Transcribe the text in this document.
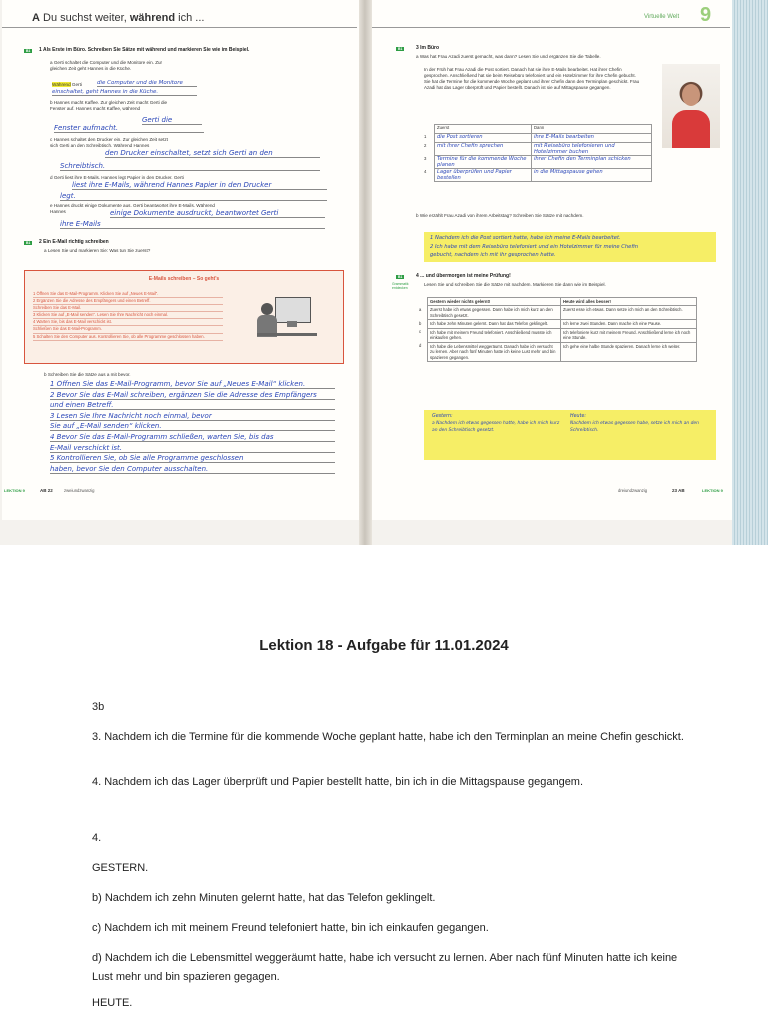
A Du suchst weiter, während ich ...
B1	1 Als Erste im Büro. Schreiben Sie Sätze mit während und markieren Sie wie im Beispiel.
a Gerti schaltet die Computer und die Monitore ein. Zur gleichen Zeit geht Hannes in die Küche.
Während Gerti	die Computer und die Monitore
einschaltet, geht Hannes in die Küche.
b Hannes macht Kaffee. Zur gleichen Zeit macht Gerti die Fenster auf. Hannes macht Kaffee, während
Gerti die
Fenster aufmacht.
c Hannes schaltet den Drucker ein. Zur gleichen Zeit setzt sich Gerti an den Schreibtisch. Während Hannes
den Drucker einschaltet, setzt sich Gerti an den
Schreibtisch.
d Gerti liest ihre E-Mails. Hannes legt Papier in den Drucker. Gerti
liest ihre E-Mails, während Hannes Papier in den Drucker
legt.
e Hannes druckt einige Dokumente aus. Gerti beantwortet ihre E-Mails. Während Hannes	einige Dokumente ausdruckt, beantwortet Gerti
ihre E-Mails
B1	2 Ein E-Mail richtig schreiben
a Lesen Sie und markieren Sie: Was tun Sie zuerst?
E-Mails schreiben – So geht's
1 Öffnen Sie das E-Mail-Programm. Klicken Sie auf „Neues E-Mail“.
2 Ergänzen Sie die Adresse des Empfängers und einen Betreff.
Schreiben Sie das E-Mail.
3 Klicken Sie auf „E-Mail senden“. Lesen Sie Ihre Nachricht noch einmal.
4 Warten Sie, bis das E-Mail verschickt ist.
Schließen Sie das E-Mail-Programm.
5 Schalten Sie den Computer aus. Kontrollieren Sie, ob alle Programme geschlossen haben.
b Schreiben Sie die Sätze aus a mit bevor.
1 Öffnen Sie das E-Mail-Programm, bevor Sie auf „Neues E-Mail“ klicken.
2 Bevor Sie das E-Mail schreiben, ergänzen Sie die Adresse des Empfängers
und einen Betreff.
3 Lesen Sie Ihre Nachricht noch einmal, bevor
Sie auf „E-Mail senden“ klicken.
4 Bevor Sie das E-Mail-Programm schließen, warten Sie, bis das
E-Mail verschickt ist.
5 Kontrollieren Sie, ob Sie alle Programme geschlossen
haben, bevor Sie den Computer ausschalten.
LEKTION 9	AB 22	zweiundzwanzig
Virtuelle Welt 9
B1	3 Im Büro
a Was hat Frau Azadi zuerst gemacht, was dann? Lesen Sie und ergänzen Sie die Tabelle.
In der Früh hat Frau Azadi die Post sortiert. Danach hat sie ihre E-Mails bearbeitet. Hat ihrer Chefin gesprochen. Anschließend hat sie beim Reisebüro telefoniert und ein Hotelzimmer für ihre Chefin gebucht. Sie hat die Termine für die kommende Woche geplant und ihrer Chefin dann den Terminplan geschickt. Frau Azadi hat das Lager überprüft und Papier bestellt. Danach ist sie auf Mittagspause gegangen.
	Zuerst	Dann
1	die Post sortieren	ihre E-Mails bearbeiten
2	mit ihrer Chefin sprechen	mit Reisebüro telefonieren und Hotelzimmer buchen
3	Termine für die kommende Woche planen	ihrer Chefin den Terminplan schicken
4	Lager überprüfen und Papier bestellen	in die Mittagspause gehen
b Wie erzählt Frau Azadi von ihrem Arbeitstag? Schreiben Sie Sätze mit nachdem.
1 Nachdem ich die Post sortiert hatte, habe ich meine E-Mails bearbeitet.
2 Ich habe mit dem Reisebüro telefoniert und ein Hotelzimmer für meine Chefin
gebucht, nachdem ich mit ihr gesprochen hatte.
B1
Grammatik entdecken
4 ... und übermorgen ist meine Prüfung!
Lesen Sie und schreiben Sie die Sätze mit nachdem. Markieren Sie dann wie im Beispiel.
	Gestern wieder nichts gelernt!	Heute wird alles besser!
a	Zuerst habe ich etwas gegessen. Dann habe ich mich kurz an den Schreibtisch gesetzt.	Zuerst esse ich etwas. Dann setze ich mich an den Schreibtisch.
b	Ich habe zehn Minuten gelernt. Dann hat das Telefon geklingelt.	Ich lerne zwei Stunden. Dann mache ich eine Pause.
c	Ich habe mit meinem Freund telefoniert. Anschließend musste ich einkaufen gehen.	Ich telefoniere kurz mit meinem Freund. Anschließend lerne ich noch eine Stunde.
d	Ich habe die Lebensmittel weggeräumt. Danach habe ich versucht zu lernen. Aber nach fünf Minuten hatte ich keine Lust mehr und bin spazieren gegangen.	Ich gehe eine halbe Stunde spazieren. Danach lerne ich weiter.
Gestern:
a Nachdem ich etwas gegessen hatte, habe ich mich kurz an den Schreibtisch gesetzt.
Heute:
Nachdem ich etwas gegessen habe, setze ich mich an den Schreibtisch.
dreiundzwanzig	23 AB	LEKTION 9
Lektion 18 - Aufgabe für 11.01.2024

3b

3. Nachdem ich die Termine für die kommende Woche geplant hatte, habe ich den Terminplan an meine Chefin geschickt.

4. Nachdem ich das Lager überprüft und Papier bestellt hatte, bin ich in die Mittagspause gegangem.

4.

GESTERN.

b) Nachdem ich zehn Minuten gelernt hatte, hat das Telefon geklingelt.

c) Nachdem ich mit meinem Freund telefoniert hatte, bin ich einkaufen gegangen.

d) Nachdem ich die Lebensmittel weggeräumt hatte, habe ich versucht zu lernen. Aber nach fünf Minuten hatte ich keine Lust mehr und bin spazieren gegagen.

HEUTE.
